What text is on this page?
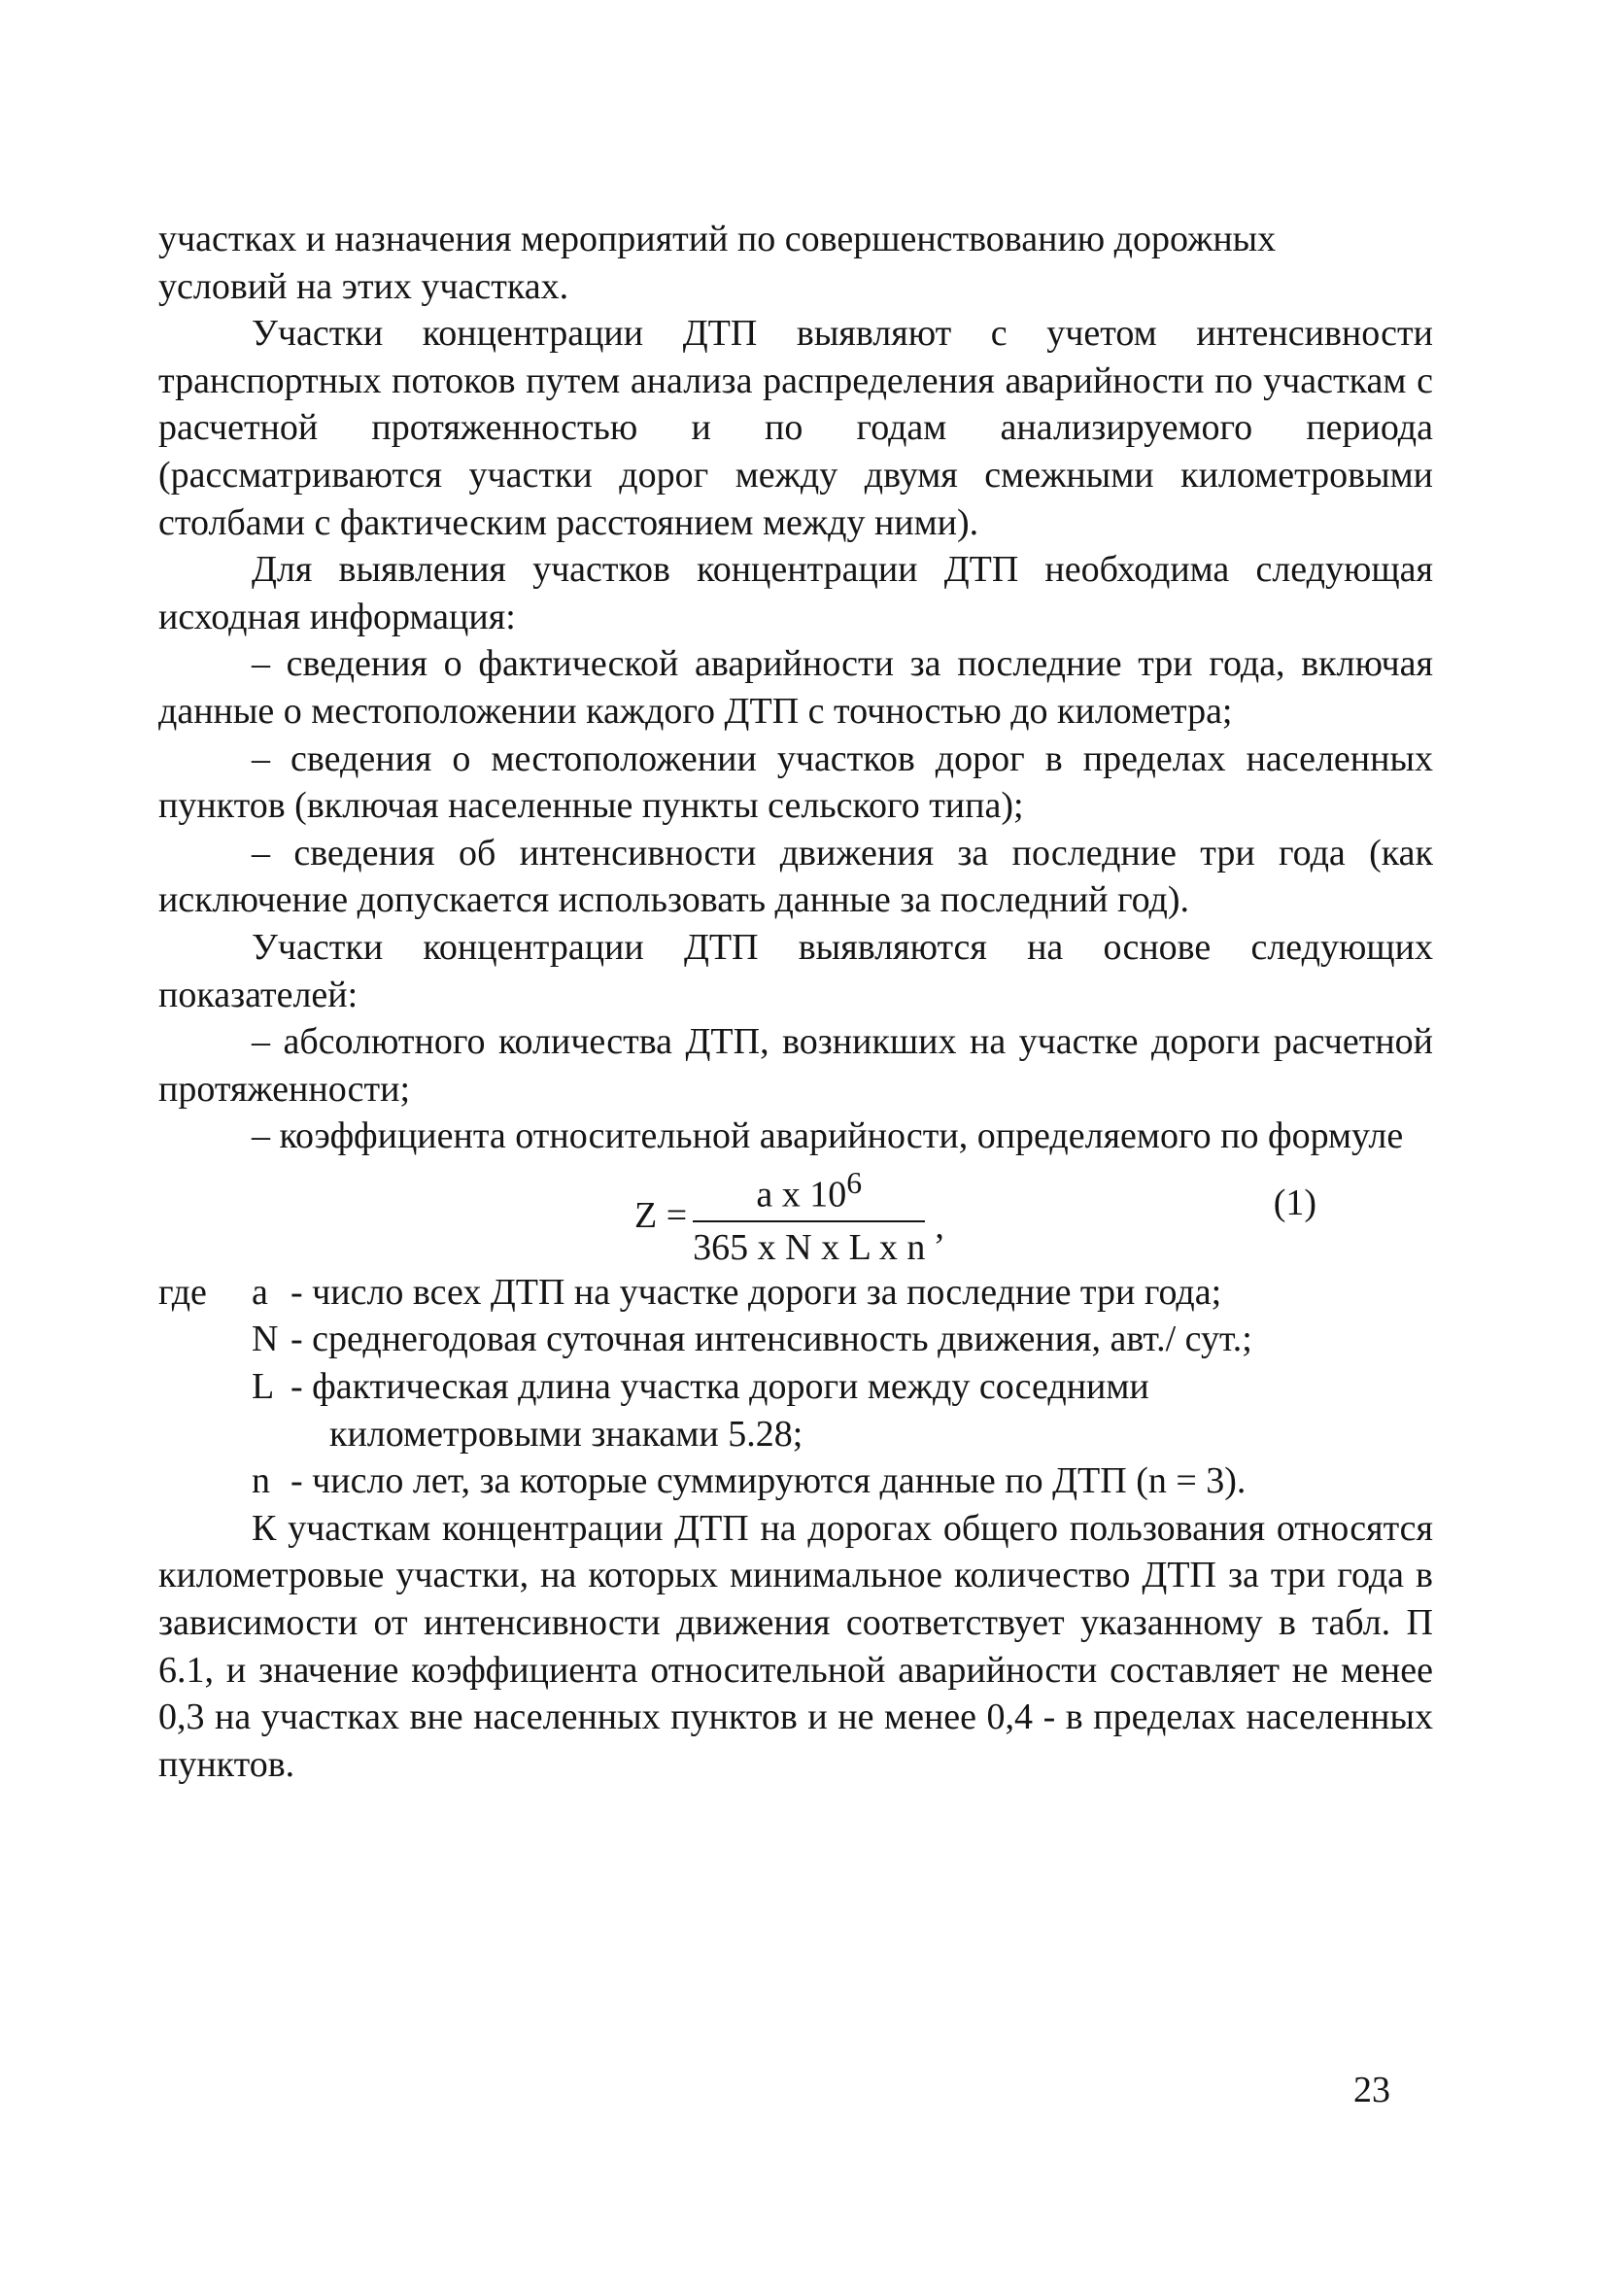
участках и назначения мероприятий по совершенствованию дорожных
условий на этих участках.

Участки концентрации ДТП выявляют с учетом интенсивности транспортных потоков путем анализа распределения аварийности по участкам с расчетной протяженностью и по годам анализируемого периода (рассматриваются участки дорог между двумя смежными километровыми столбами с фактическим расстоянием между ними).

Для выявления участков концентрации ДТП необходима следующая исходная информация:

– сведения о фактической аварийности за последние три года, включая данные о местоположении каждого ДТП с точностью до километра;

– сведения о местоположении участков дорог в пределах населенных пунктов (включая населенные пункты сельского типа);

– сведения об интенсивности движения за последние три года (как исключение допускается использовать данные за последний год).

Участки концентрации ДТП выявляются на основе следующих показателей:

– абсолютного количества ДТП, возникших на участке дороги расчетной протяженности;

– коэффициента относительной аварийности, определяемого по формуле

$Z = \frac{a x 10^6}{\text{365 x N x L x n}}$ ,
(1)
где	a - число всех ДТП на участке дороги за последние три года;
N - среднегодовая суточная интенсивность движения, авт./ сут.;
L - фактическая длина участка дороги между соседними
километровыми знаками 5.28;
n - число лет, за которые суммируются данные по ДТП (n = 3).

К участкам концентрации ДТП на дорогах общего пользования относятся километровые участки, на которых минимальное количество ДТП за три года в зависимости от интенсивности движения соответствует указанному в табл. П 6.1, и значение коэффициента относительной аварийности составляет не менее 0,3 на участках вне населенных пунктов и не менее 0,4 - в пределах населенных пунктов.

23
